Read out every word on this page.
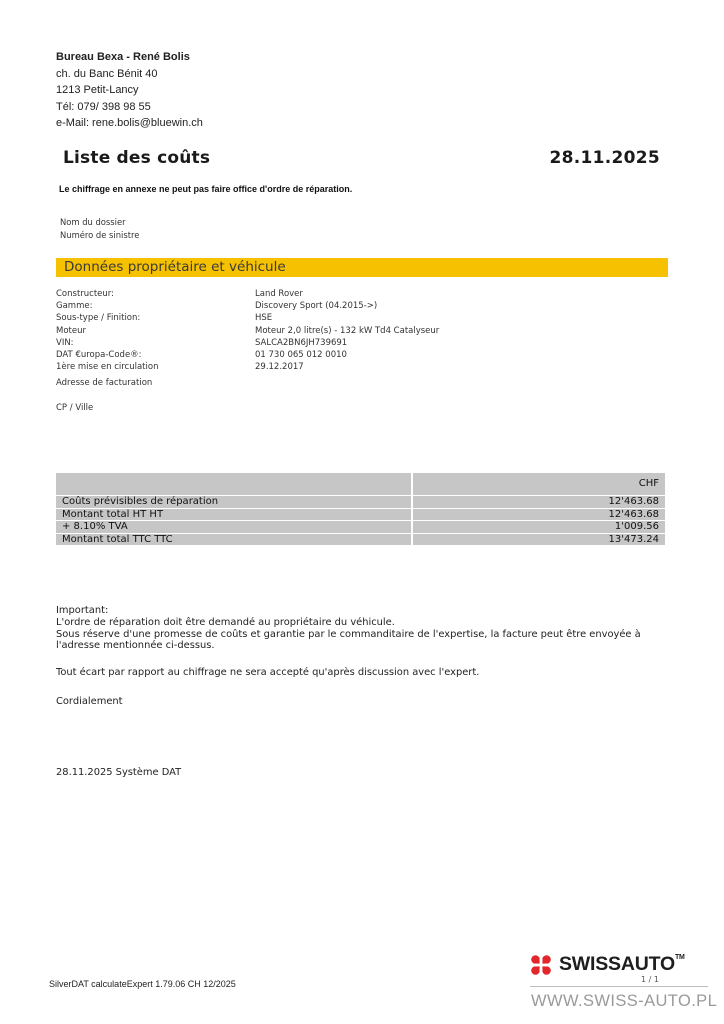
Bureau Bexa - René Bolis
ch. du Banc Bénit 40
1213 Petit-Lancy
Tél: 079/ 398 98 55
e-Mail: rene.bolis@bluewin.ch
Liste des coûts	28.11.2025
Le chiffrage en annexe ne peut pas faire office d'ordre de réparation.
Nom du dossier
Numéro de sinistre
Données propriétaire et véhicule
Constructeur:	Land Rover
Gamme:	Discovery Sport (04.2015->)
Sous-type / Finition:	HSE
Moteur	Moteur 2,0 litre(s) - 132 kW Td4 Catalyseur
VIN:	SALCA2BN6JH739691
DAT €uropa-Code®:	01 730 065 012 0010
1ère mise en circulation	29.12.2017
Adresse de facturation
CP / Ville
	CHF
Coûts prévisibles de réparation	12'463.68
Montant total HT HT	12'463.68
+ 8.10% TVA	1'009.56
Montant total TTC TTC	13'473.24
Important:
L'ordre de réparation doit être demandé au propriétaire du véhicule.
Sous réserve d'une promesse de coûts et garantie par le commanditaire de l'expertise, la facture peut être envoyée à l'adresse mentionnée ci-dessus.
Tout écart par rapport au chiffrage ne sera accepté qu'après discussion avec l'expert.
Cordialement
28.11.2025 Système DAT
SilverDAT calculateExpert 1.79.06 CH 12/2025
SWISSAUTO™
1 / 1
WWW.SWISS-AUTO.PL
